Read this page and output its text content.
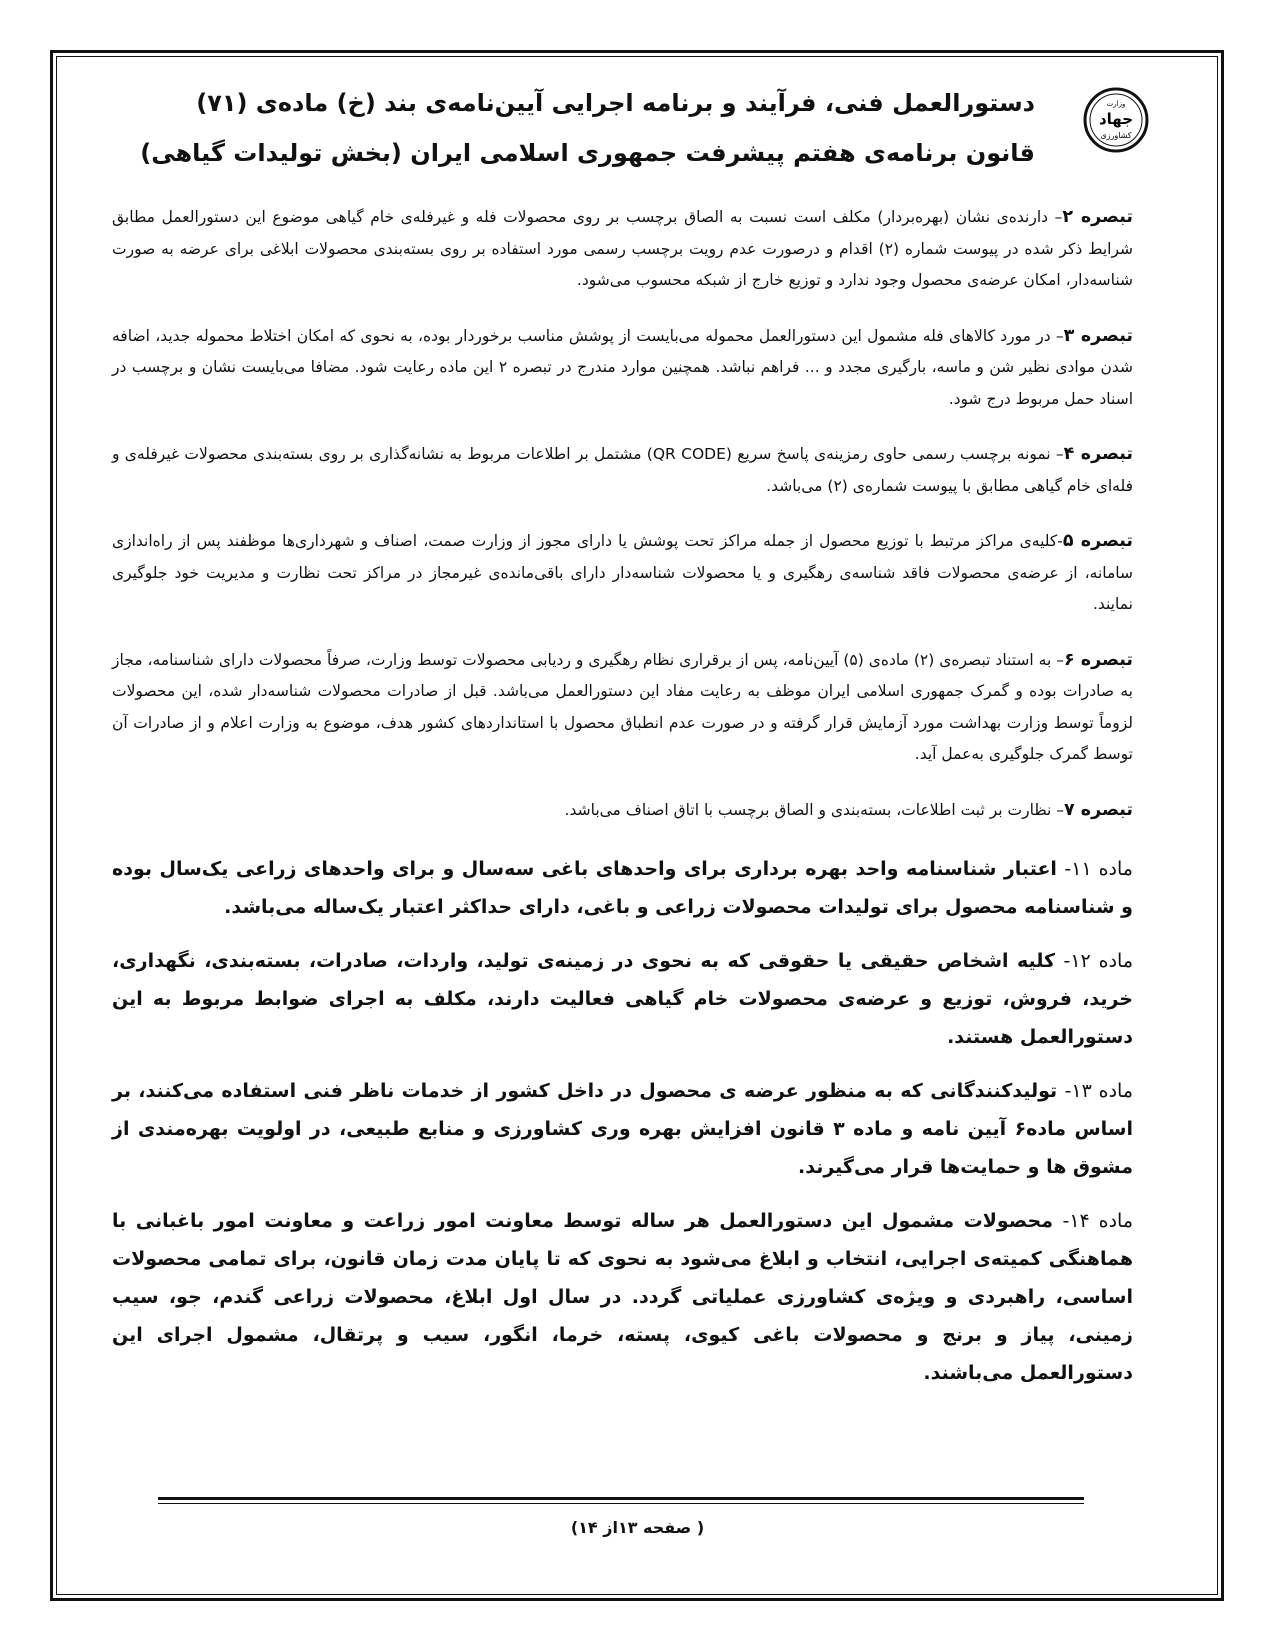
دستورالعمل فنی، فرآیند و برنامه اجرایی آیین‌نامه‌ی بند (خ) ماده‌ی (۷۱)
قانون برنامه‌ی هفتم پیشرفت جمهوری اسلامی ایران (بخش تولیدات گیاهی)
وزارت
جهاد
کشاورزی

تبصره ۲– دارنده‌ی نشان (بهره‌بردار) مکلف است نسبت به الصاق برچسب بر روی محصولات فله و غیرفله‌ی خام گیاهی موضوع این دستورالعمل مطابق شرایط ذکر شده در پیوست شماره (۲) اقدام و درصورت عدم رویت برچسب رسمی مورد استفاده بر روی بسته‌بندی محصولات ابلاغی برای عرضه به صورت شناسه‌دار، امکان عرضه‌ی محصول وجود ندارد و توزیع خارج از شبکه محسوب می‌شود.

تبصره ۳– در مورد کالاهای فله مشمول این دستورالعمل محموله می‌بایست از پوشش مناسب برخوردار بوده، به نحوی که امکان اختلاط محموله جدید، اضافه شدن موادی نظیر شن و ماسه، بارگیری مجدد و ... فراهم نباشد. همچنین موارد مندرج در تبصره ۲ این ماده رعایت شود. مضافا می‌بایست نشان و برچسب در اسناد حمل مربوط درج شود.

تبصره ۴– نمونه برچسب رسمی حاوی رمزینه‌ی پاسخ سریع (QR CODE) مشتمل بر اطلاعات مربوط به نشانه‌گذاری بر روی بسته‌بندی محصولات غیرفله‌ی و فله‌ای خام گیاهی مطابق با پیوست شماره‌ی (۲) می‌باشد.

تبصره ۵-کلیه‌ی مراکز مرتبط با توزیع محصول از جمله مراکز تحت پوشش یا دارای مجوز از وزارت صمت، اصناف و شهرداری‌ها موظفند پس از راه‌اندازی سامانه، از عرضه‌ی محصولات فاقد شناسه‌ی رهگیری و یا محصولات شناسه‌دار دارای باقی‌مانده‌ی غیرمجاز در مراکز تحت نظارت و مدیریت خود جلوگیری نمایند.

تبصره ۶– به استناد تبصره‌ی (۲) ماده‌ی (۵) آیین‌نامه، پس از برقراری نظام رهگیری و ردیابی محصولات توسط وزارت، صرفاً محصولات دارای شناسنامه، مجاز به صادرات بوده و گمرک جمهوری اسلامی ایران موظف به رعایت مفاد این دستورالعمل می‌باشد. قبل از صادرات محصولات شناسه‌دار شده، این محصولات لزوماً توسط وزارت بهداشت مورد آزمایش قرار گرفته و در صورت عدم انطباق محصول با استانداردهای کشور هدف، موضوع به وزارت اعلام و از صادرات آن توسط گمرک جلوگیری به‌عمل آید.

تبصره ۷– نظارت بر ثبت اطلاعات، بسته‌بندی و الصاق برچسب با اتاق اصناف می‌باشد.

ماده ۱۱- اعتبار شناسنامه واحد بهره برداری برای واحدهای باغی سه‌سال و برای واحدهای زراعی یک‌سال بوده و شناسنامه محصول برای تولیدات محصولات زراعی و باغی، دارای حداکثر اعتبار یک‌ساله می‌باشد.

ماده ۱۲- کلیه اشخاص حقیقی یا حقوقی که به نحوی در زمینه‌ی تولید، واردات، صادرات، بسته‌بندی، نگهداری، خرید، فروش، توزیع و عرضه‌ی محصولات خام گیاهی فعالیت دارند، مکلف به اجرای ضوابط مربوط به این دستورالعمل هستند.

ماده ۱۳- تولیدکنندگانی که به منظور عرضه ی محصول در داخل کشور از خدمات ناظر فنی استفاده می‌کنند، بر اساس ماده۶ آیین نامه و ماده ۳ قانون افزایش بهره وری کشاورزی و منابع طبیعی، در اولویت بهره‌مندی از مشوق ها و حمایت‌ها قرار می‌گیرند.

ماده ۱۴- محصولات مشمول این دستورالعمل هر ساله توسط معاونت امور زراعت و معاونت امور باغبانی با هماهنگی کمیته‌ی اجرایی، انتخاب و ابلاغ می‌شود به نحوی که تا پایان مدت زمان قانون، برای تمامی محصولات اساسی، راهبردی و ویژه‌ی کشاورزی عملیاتی گردد. در سال اول ابلاغ، محصولات زراعی گندم، جو، سیب زمینی، پیاز و برنج و محصولات باغی کیوی، پسته، خرما، انگور، سیب و پرتقال، مشمول اجرای این دستورالعمل می‌باشند.

( صفحه ۱۳از ۱۴)
